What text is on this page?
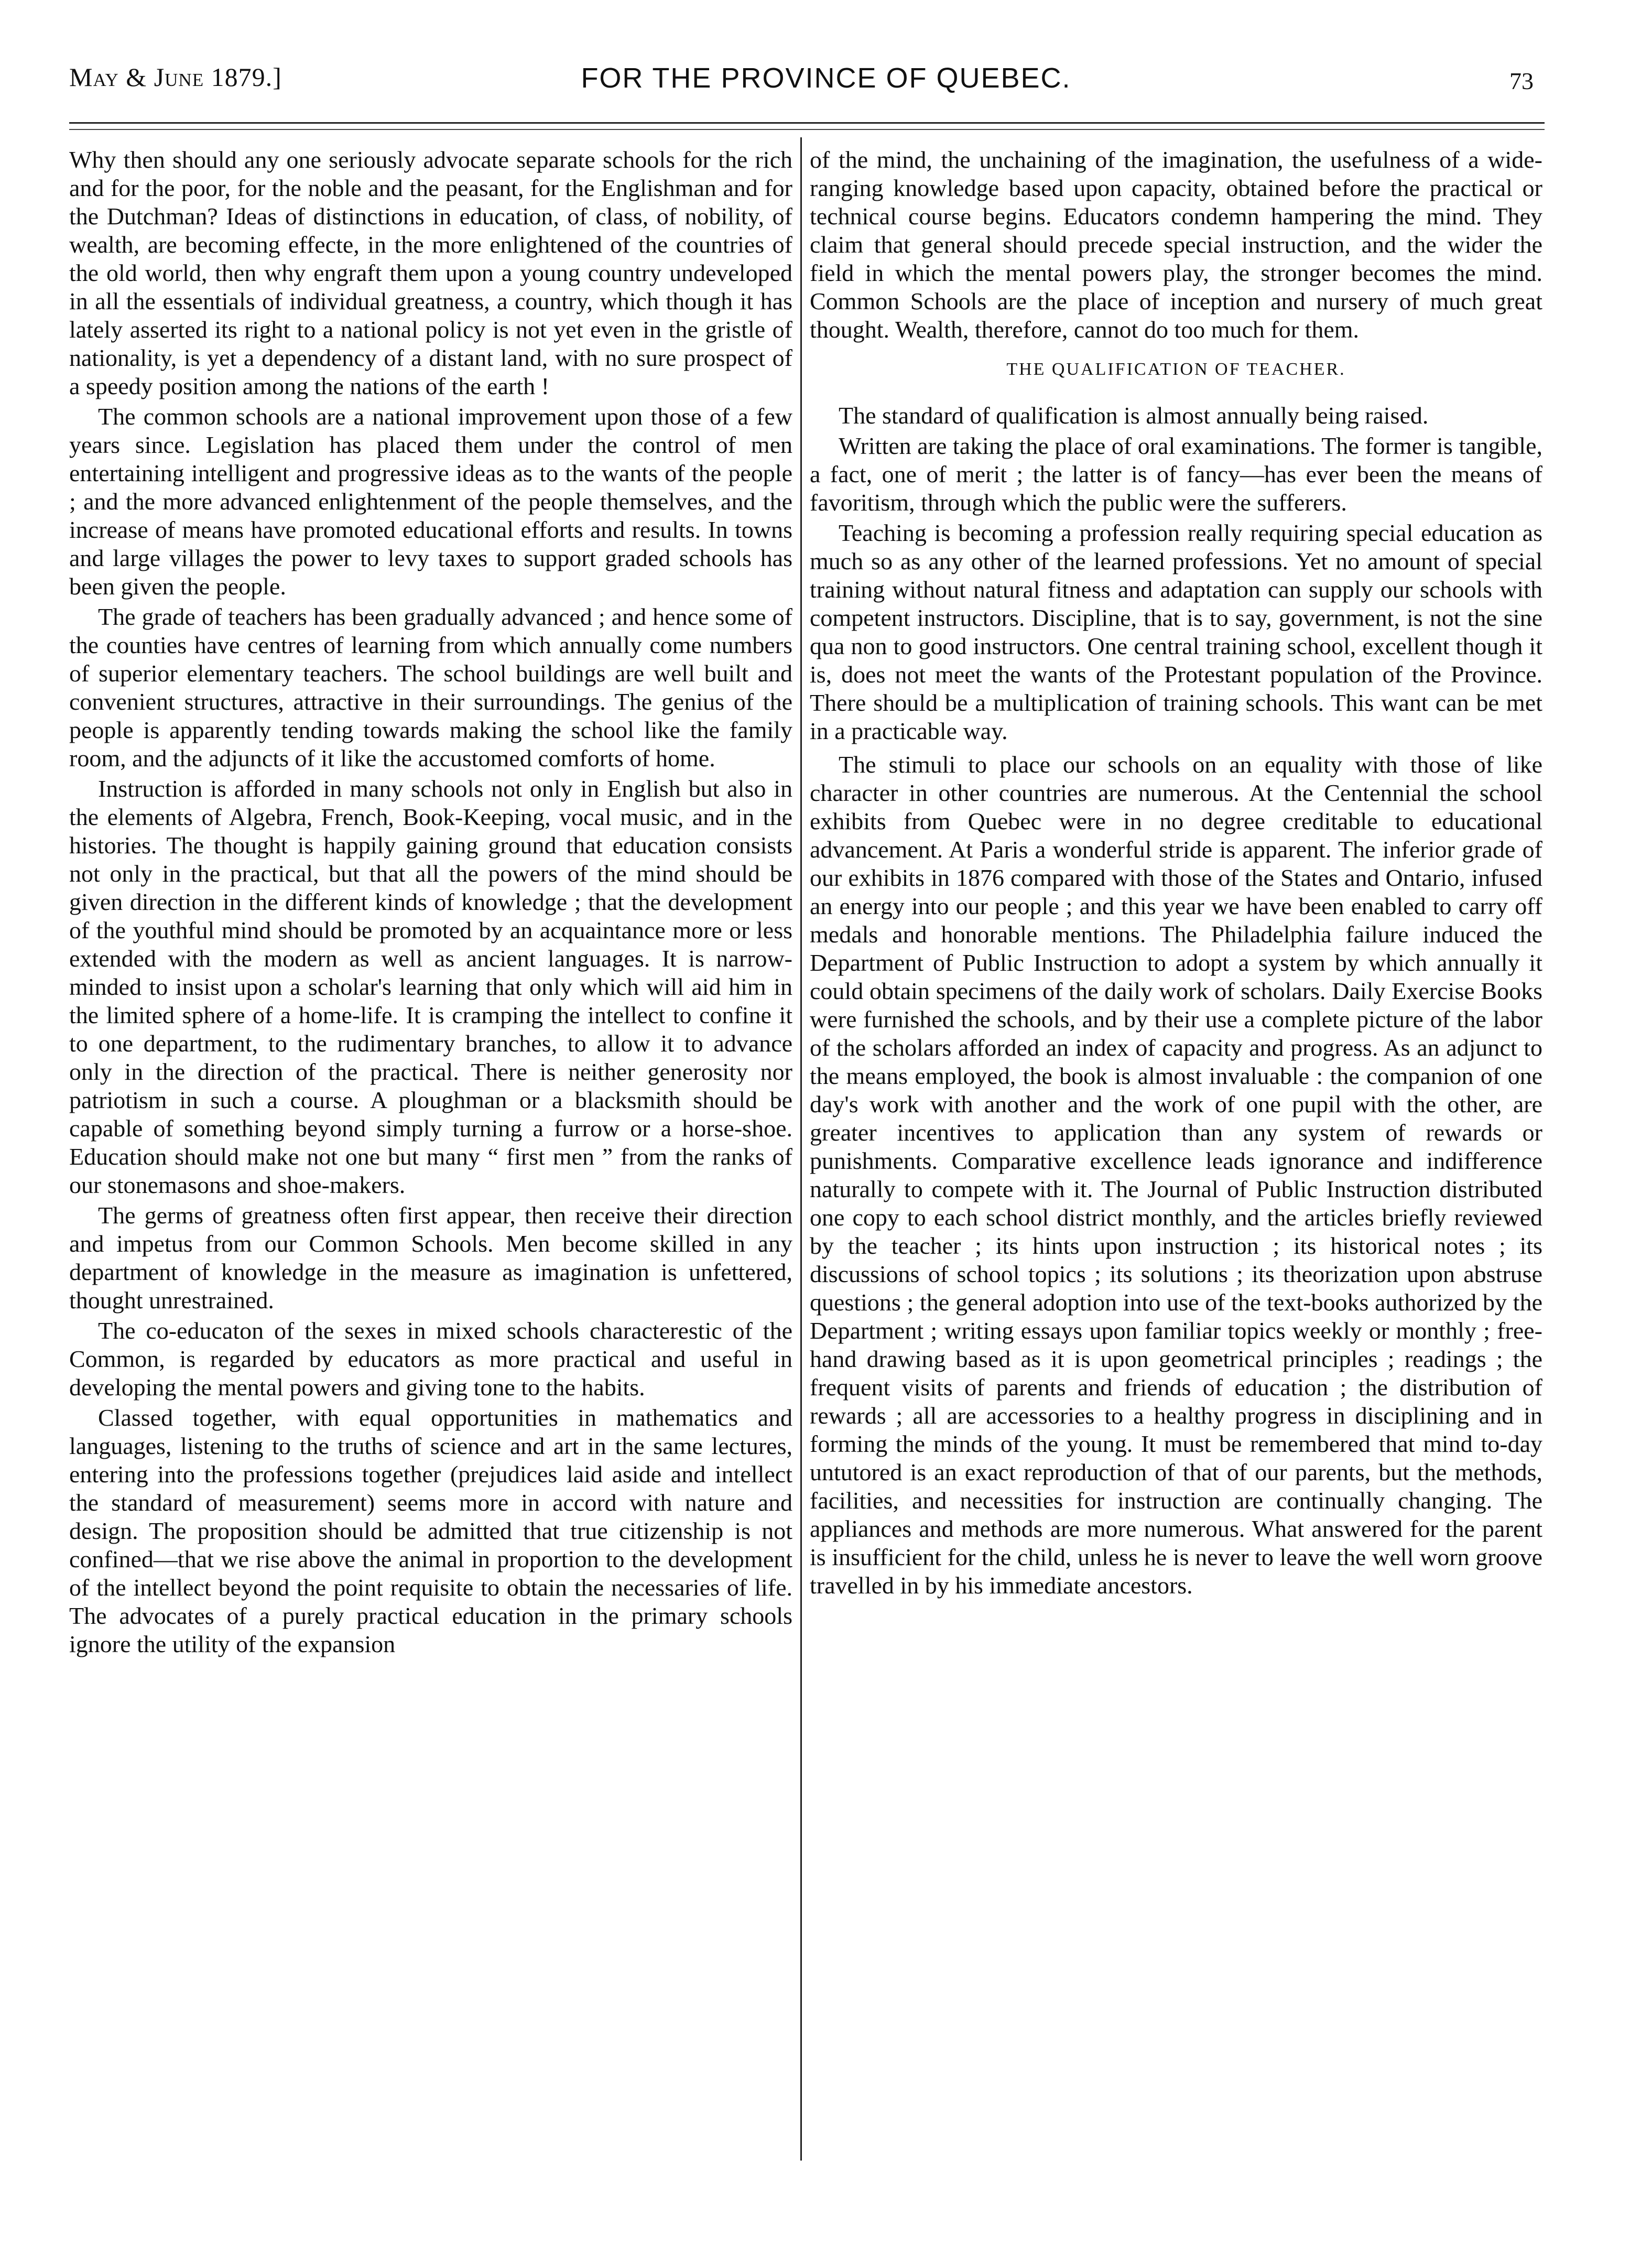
May & June 1879.]	FOR THE PROVINCE OF QUEBEC.	73

Why then should any one seriously advocate separate schools for the rich and for the poor, for the noble and the peasant, for the Englishman and for the Dutchman? Ideas of distinctions in education, of class, of nobility, of wealth, are becoming effecte, in the more enlightened of the countries of the old world, then why engraft them upon a young country undeveloped in all the essentials of individual greatness, a country, which though it has lately asserted its right to a national policy is not yet even in the gristle of nationality, is yet a dependency of a distant land, with no sure prospect of a speedy position among the nations of the earth !

The common schools are a national improvement upon those of a few years since. Legislation has placed them under the control of men entertaining intelligent and progressive ideas as to the wants of the people ; and the more advanced enlightenment of the people themselves, and the increase of means have promoted educational efforts and results. In towns and large villages the power to levy taxes to support graded schools has been given the people.

The grade of teachers has been gradually advanced ; and hence some of the counties have centres of learning from which annually come numbers of superior elementary teachers. The school buildings are well built and convenient structures, attractive in their surroundings. The genius of the people is apparently tending towards making the school like the family room, and the adjuncts of it like the accustomed comforts of home.

Instruction is afforded in many schools not only in English but also in the elements of Algebra, French, Book-Keeping, vocal music, and in the histories. The thought is happily gaining ground that education consists not only in the practical, but that all the powers of the mind should be given direction in the different kinds of knowledge ; that the development of the youthful mind should be promoted by an acquaintance more or less extended with the modern as well as ancient languages. It is narrow-minded to insist upon a scholar's learning that only which will aid him in the limited sphere of a home-life. It is cramping the intellect to confine it to one department, to the rudimentary branches, to allow it to advance only in the direction of the practical. There is neither generosity nor patriotism in such a course. A ploughman or a blacksmith should be capable of something beyond simply turning a furrow or a horse-shoe. Education should make not one but many “ first men ” from the ranks of our stonemasons and shoe-makers.

The germs of greatness often first appear, then receive their direction and impetus from our Common Schools. Men become skilled in any department of knowledge in the measure as imagination is unfettered, thought unrestrained.

The co-educaton of the sexes in mixed schools characterestic of the Common, is regarded by educators as more practical and useful in developing the mental powers and giving tone to the habits.

Classed together, with equal opportunities in mathematics and languages, listening to the truths of science and art in the same lectures, entering into the professions together (prejudices laid aside and intellect the standard of measurement) seems more in accord with nature and design. The proposition should be admitted that true citizenship is not confined—that we rise above the animal in proportion to the development of the intellect beyond the point requisite to obtain the necessaries of life. The advocates of a purely practical education in the primary schools ignore the utility of the expansion

of the mind, the unchaining of the imagination, the usefulness of a wide-ranging knowledge based upon capacity, obtained before the practical or technical course begins. Educators condemn hampering the mind. They claim that general should precede special instruction, and the wider the field in which the mental powers play, the stronger becomes the mind. Common Schools are the place of inception and nursery of much great thought. Wealth, therefore, cannot do too much for them.

THE QUALIFICATION OF TEACHER.

The standard of qualification is almost annually being raised.

Written are taking the place of oral examinations. The former is tangible, a fact, one of merit ; the latter is of fancy—has ever been the means of favoritism, through which the public were the sufferers.

Teaching is becoming a profession really requiring special education as much so as any other of the learned professions. Yet no amount of special training without natural fitness and adaptation can supply our schools with competent instructors. Discipline, that is to say, government, is not the sine qua non to good instructors. One central training school, excellent though it is, does not meet the wants of the Protestant population of the Province. There should be a multiplication of training schools. This want can be met in a practicable way.

The stimuli to place our schools on an equality with those of like character in other countries are numerous. At the Centennial the school exhibits from Quebec were in no degree creditable to educational advancement. At Paris a wonderful stride is apparent. The inferior grade of our exhibits in 1876 compared with those of the States and Ontario, infused an energy into our people ; and this year we have been enabled to carry off medals and honorable mentions. The Philadelphia failure induced the Department of Public Instruction to adopt a system by which annually it could obtain specimens of the daily work of scholars. Daily Exercise Books were furnished the schools, and by their use a complete picture of the labor of the scholars afforded an index of capacity and progress. As an adjunct to the means employed, the book is almost invaluable : the companion of one day's work with another and the work of one pupil with the other, are greater incentives to application than any system of rewards or punishments. Comparative excellence leads ignorance and indifference naturally to compete with it. The Journal of Public Instruction distributed one copy to each school district monthly, and the articles briefly reviewed by the teacher ; its hints upon instruction ; its historical notes ; its discussions of school topics ; its solutions ; its theorization upon abstruse questions ; the general adoption into use of the text-books authorized by the Department ; writing essays upon familiar topics weekly or monthly ; free-hand drawing based as it is upon geometrical principles ; readings ; the frequent visits of parents and friends of education ; the distribution of rewards ; all are accessories to a healthy progress in disciplining and in forming the minds of the young. It must be remembered that mind to-day untutored is an exact reproduction of that of our parents, but the methods, facilities, and necessities for instruction are continually changing. The appliances and methods are more numerous. What answered for the parent is insufficient for the child, unless he is never to leave the well worn groove travelled in by his immediate ancestors.
